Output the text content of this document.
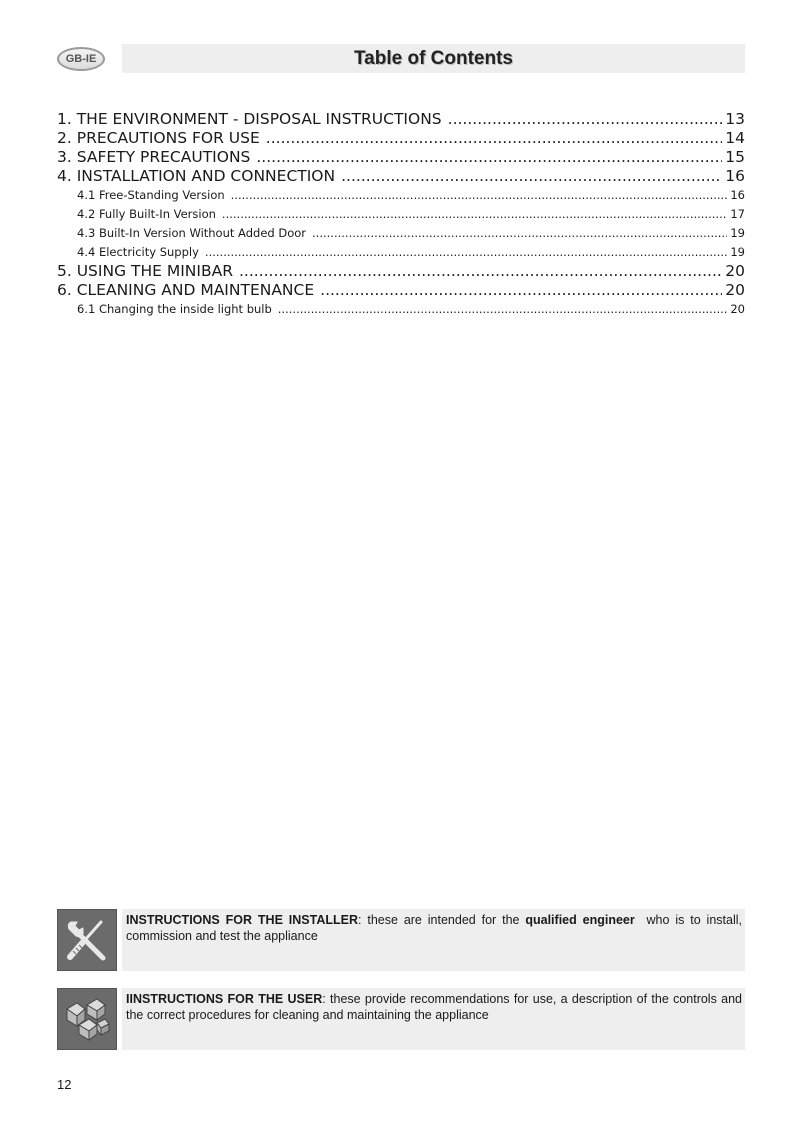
GB-IE	Table of Contents
1. THE ENVIRONMENT - DISPOSAL INSTRUCTIONS .....	13
2. PRECAUTIONS FOR USE .....	14
3. SAFETY PRECAUTIONS .....	15
4. INSTALLATION AND CONNECTION .....	16
4.1 Free-Standing Version .....	16
4.2 Fully Built-In Version .....	17
4.3 Built-In Version Without Added Door .....	19
4.4 Electricity Supply .....	19
5. USING THE MINIBAR .....	20
6. CLEANING AND MAINTENANCE .....	20
6.1 Changing the inside light bulb .....	20
INSTRUCTIONS FOR THE INSTALLER: these are intended for the qualified engineer  who is to install, commission and test the appliance
IINSTRUCTIONS FOR THE USER: these provide recommendations for use, a description of the controls and the correct procedures for cleaning and maintaining the appliance
12
